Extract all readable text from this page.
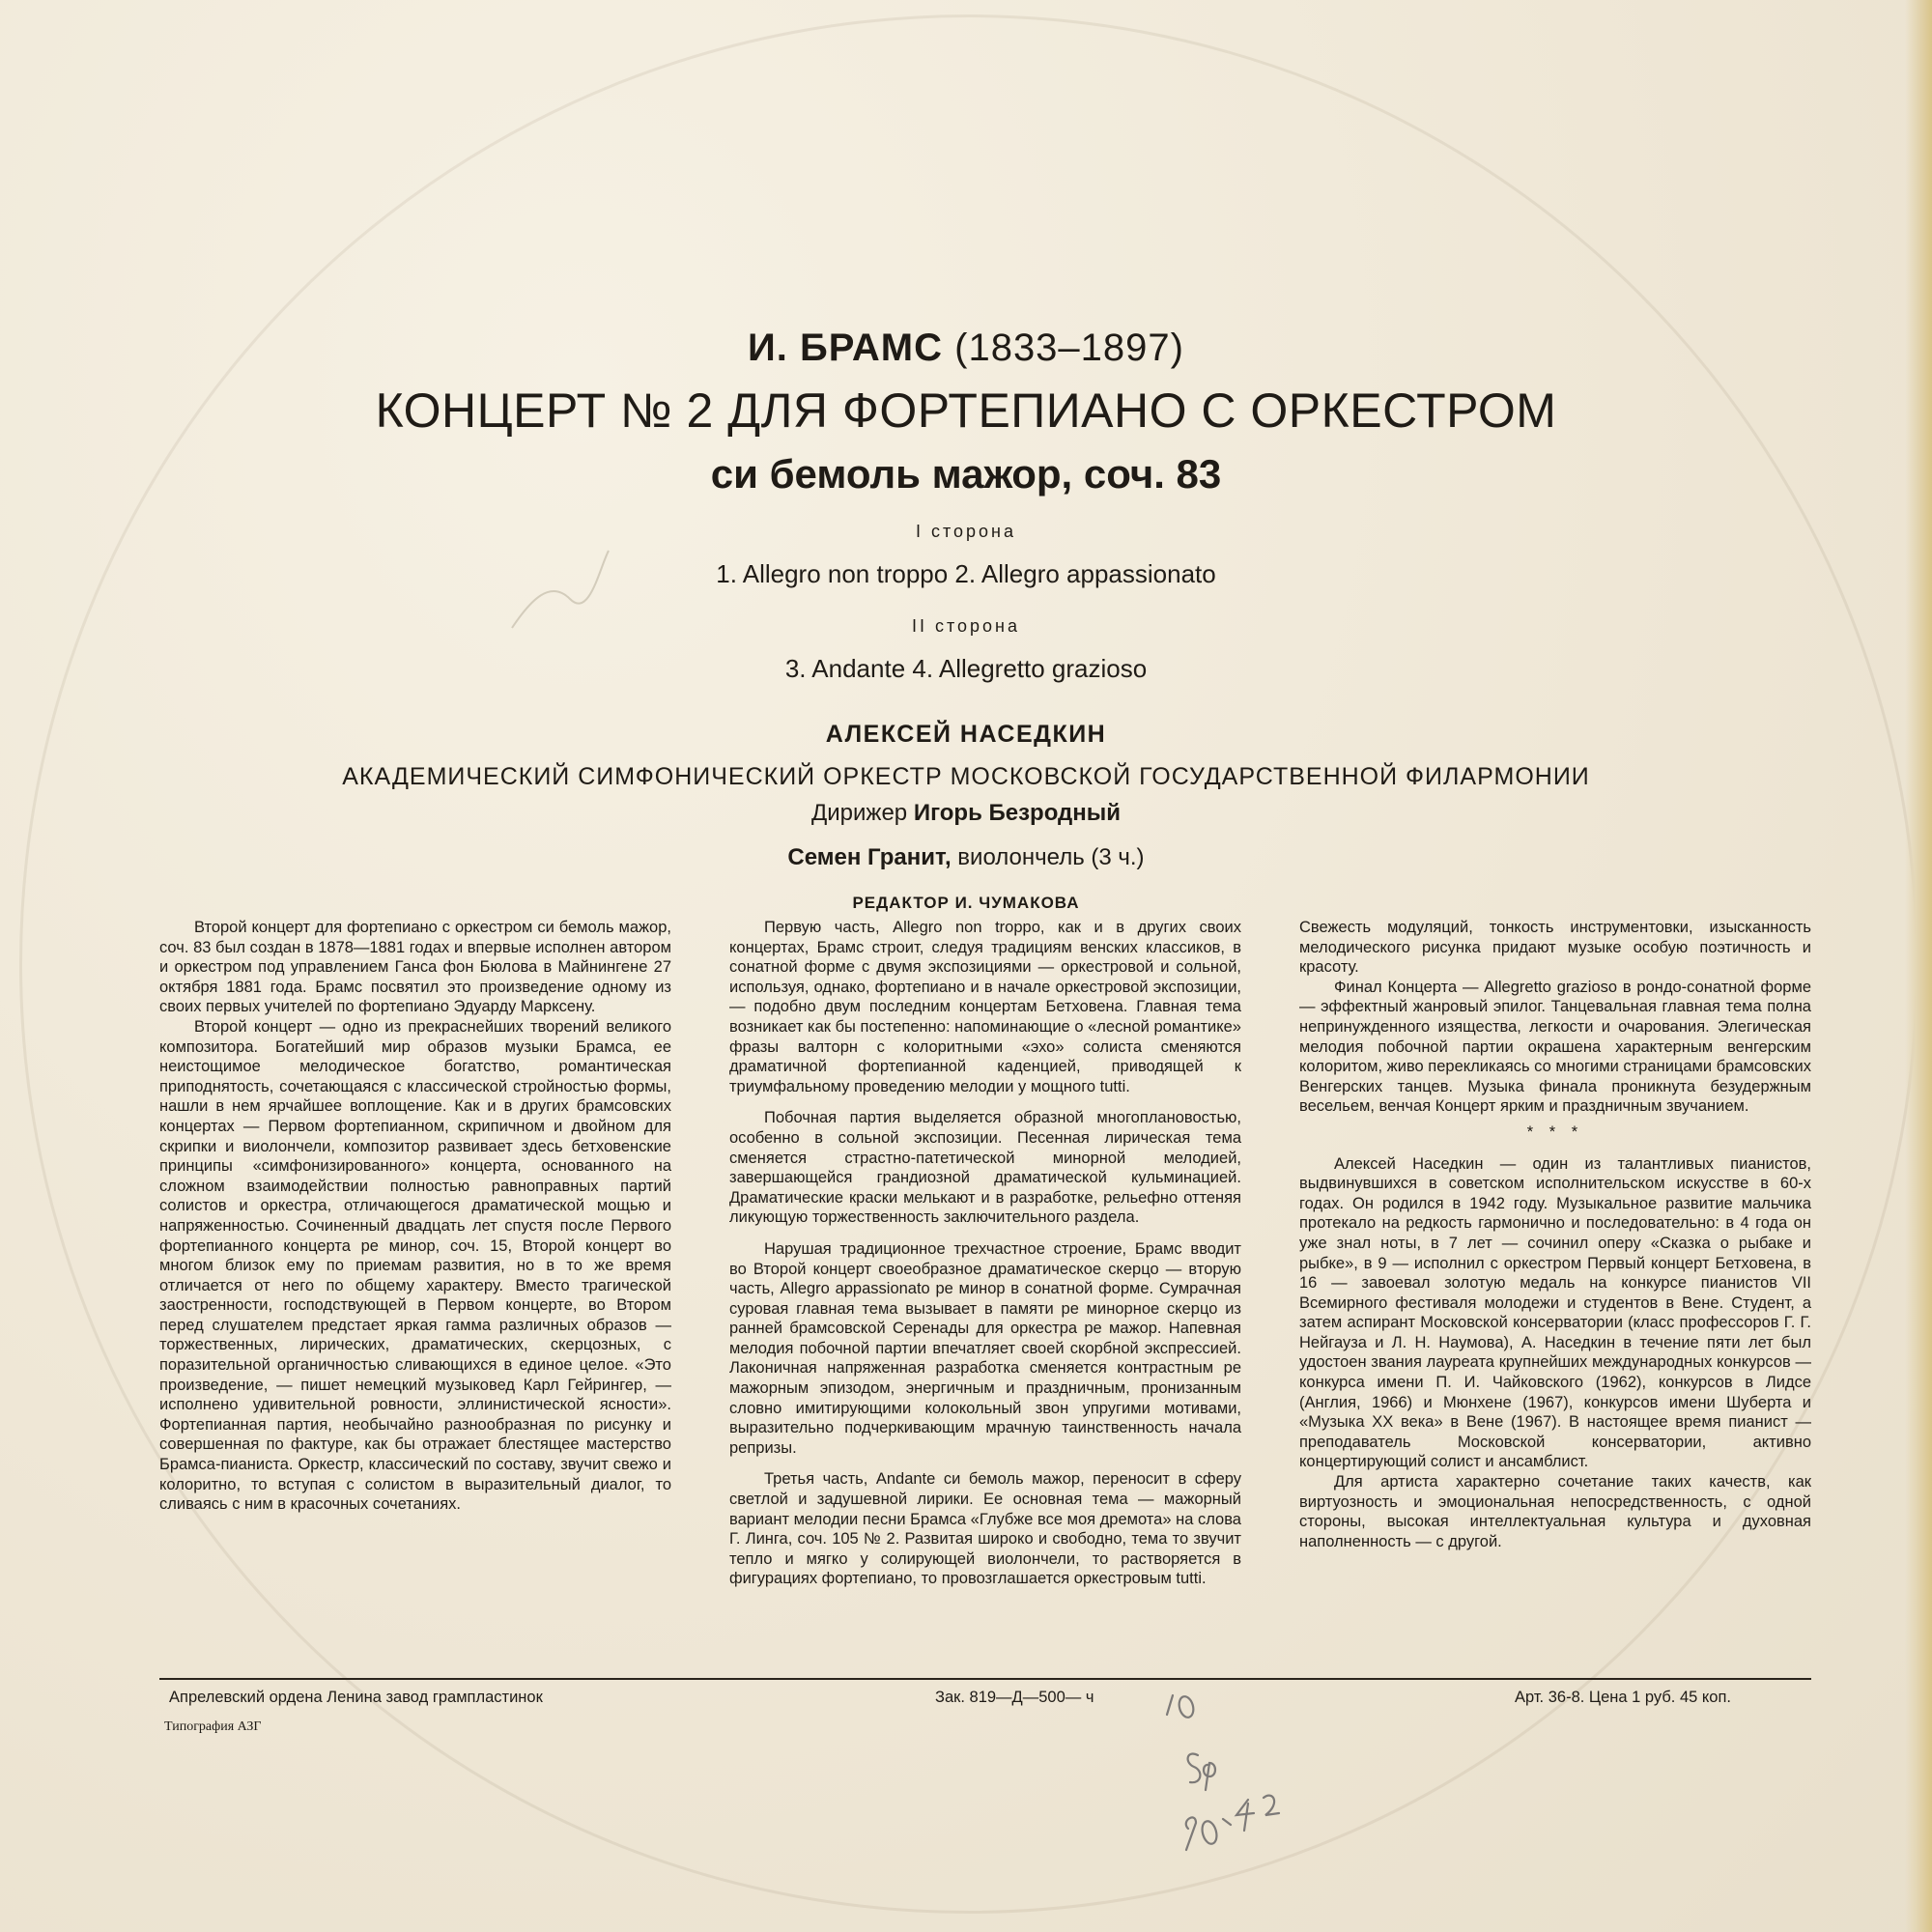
И. БРАМС (1833–1897)

КОНЦЕРТ № 2 ДЛЯ ФОРТЕПИАНО С ОРКЕСТРОМ

си бемоль мажор, соч. 83

I сторона

1. Allegro non troppo 2. Allegro appassionato

II сторона

3. Andante 4. Allegretto grazioso

АЛЕКСЕЙ НАСЕДКИН

АКАДЕМИЧЕСКИЙ СИМФОНИЧЕСКИЙ ОРКЕСТР МОСКОВСКОЙ ГОСУДАРСТВЕННОЙ ФИЛАРМОНИИ

Дирижер Игорь Безродный

Семен Гранит, виолончель (3 ч.)

РЕДАКТОР И. ЧУМАКОВА

Второй концерт для фортепиано с оркестром си бемоль мажор, соч. 83 был создан в 1878—1881 годах и впервые исполнен автором и оркестром под управлением Ганса фон Бюлова в Майнингене 27 октября 1881 года. Брамс посвятил это произведение одному из своих первых учителей по фортепиано Эдуарду Марксену.

Второй концерт — одно из прекраснейших творений великого композитора. Богатейший мир образов музыки Брамса, ее неистощимое мелодическое богатство, романтическая приподнятость, сочетающаяся с классической стройностью формы, нашли в нем ярчайшее воплощение. Как и в других брамсовских концертах — Первом фортепианном, скрипичном и двойном для скрипки и виолончели, композитор развивает здесь бетховенские принципы «симфонизированного» концерта, основанного на сложном взаимодействии полностью равноправных партий солистов и оркестра, отличающегося драматической мощью и напряженностью. Сочиненный двадцать лет спустя после Первого фортепианного концерта ре минор, соч. 15, Второй концерт во многом близок ему по приемам развития, но в то же время отличается от него по общему характеру. Вместо трагической заостренности, господствующей в Первом концерте, во Втором перед слушателем предстает яркая гамма различных образов — торжественных, лирических, драматических, скерцозных, с поразительной органичностью сливающихся в единое целое. «Это произведение, — пишет немецкий музыковед Карл Гейрингер, — исполнено удивительной ровности, эллинистической ясности». Фортепианная партия, необычайно разнообразная по рисунку и совершенная по фактуре, как бы отражает блестящее мастерство Брамса-пианиста. Оркестр, классический по составу, звучит свежо и колоритно, то вступая с солистом в выразительный диалог, то сливаясь с ним в красочных сочетаниях.

Первую часть, Allegro non troppo, как и в других своих концертах, Брамс строит, следуя традициям венских классиков, в сонатной форме с двумя экспозициями — оркестровой и сольной, используя, однако, фортепиано и в начале оркестровой экспозиции, — подобно двум последним концертам Бетховена. Главная тема возникает как бы постепенно: напоминающие о «лесной романтике» фразы валторн с колоритными «эхо» солиста сменяются драматичной фортепианной каденцией, приводящей к триумфальному проведению мелодии у мощного tutti.

Побочная партия выделяется образной многоплановостью, особенно в сольной экспозиции. Песенная лирическая тема сменяется страстно-патетической минорной мелодией, завершающейся грандиозной драматической кульминацией. Драматические краски мелькают и в разработке, рельефно оттеняя ликующую торжественность заключительного раздела.

Нарушая традиционное трехчастное строение, Брамс вводит во Второй концерт своеобразное драматическое скерцо — вторую часть, Allegro appassionato ре минор в сонатной форме. Сумрачная суровая главная тема вызывает в памяти ре минорное скерцо из ранней брамсовской Серенады для оркестра ре мажор. Напевная мелодия побочной партии впечатляет своей скорбной экспрессией. Лаконичная напряженная разработка сменяется контрастным ре мажорным эпизодом, энергичным и праздничным, пронизанным словно имитирующими колокольный звон упругими мотивами, выразительно подчеркивающим мрачную таинственность начала репризы.

Третья часть, Andante си бемоль мажор, переносит в сферу светлой и задушевной лирики. Ее основная тема — мажорный вариант мелодии песни Брамса «Глубже все моя дремота» на слова Г. Линга, соч. 105 № 2. Развитая широко и свободно, тема то звучит тепло и мягко у солирующей виолончели, то растворяется в фигурациях фортепиано, то провозглашается оркестровым tutti.

Свежесть модуляций, тонкость инструментовки, изысканность мелодического рисунка придают музыке особую поэтичность и красоту.

Финал Концерта — Allegretto grazioso в рондо-сонатной форме — эффектный жанровый эпилог. Танцевальная главная тема полна непринужденного изящества, легкости и очарования. Элегическая мелодия побочной партии окрашена характерным венгерским колоритом, живо перекликаясь со многими страницами брамсовских Венгерских танцев. Музыка финала проникнута безудержным весельем, венчая Концерт ярким и праздничным звучанием.

* * *

Алексей Наседкин — один из талантливых пианистов, выдвинувшихся в советском исполнительском искусстве в 60-х годах. Он родился в 1942 году. Музыкальное развитие мальчика протекало на редкость гармонично и последовательно: в 4 года он уже знал ноты, в 7 лет — сочинил оперу «Сказка о рыбаке и рыбке», в 9 — исполнил с оркестром Первый концерт Бетховена, в 16 — завоевал золотую медаль на конкурсе пианистов VII Всемирного фестиваля молодежи и студентов в Вене. Студент, а затем аспирант Московской консерватории (класс профессоров Г. Г. Нейгауза и Л. Н. Наумова), А. Наседкин в течение пяти лет был удостоен звания лауреата крупнейших международных конкурсов — конкурса имени П. И. Чайковского (1962), конкурсов в Лидсе (Англия, 1966) и Мюнхене (1967), конкурсов имени Шуберта и «Музыка XX века» в Вене (1967). В настоящее время пианист — преподаватель Московской консерватории, активно концертирующий солист и ансамблист.

Для артиста характерно сочетание таких качеств, как виртуозность и эмоциональная непосредственность, с одной стороны, высокая интеллектуальная культура и духовная наполненность — с другой.

Апрелевский ордена Ленина завод грампластинок	Зак. 819—Д—500— ч	Арт. 36-8. Цена 1 руб. 45 коп.
Типография АЗГ
